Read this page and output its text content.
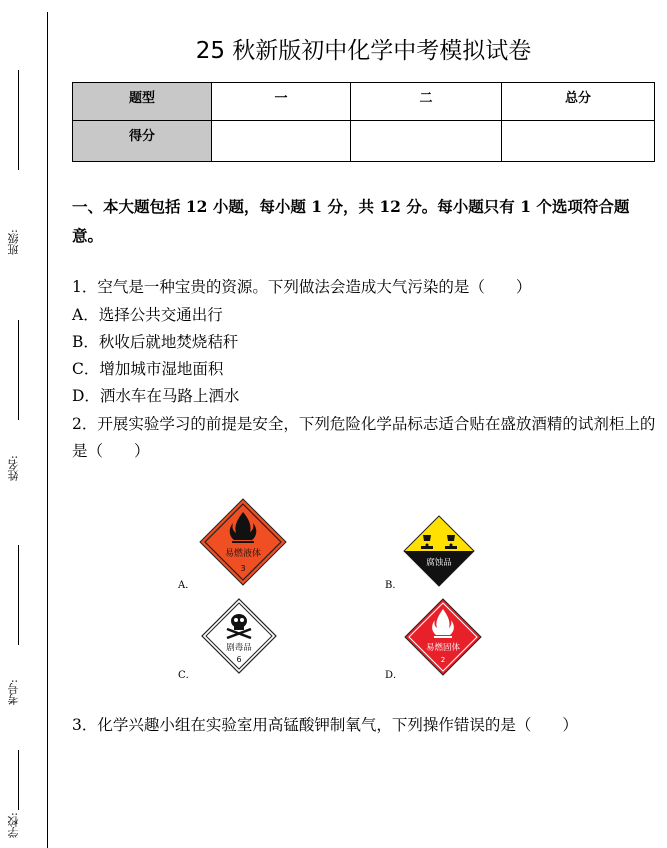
班级:
姓名:
考号:
学校:
25 秋新版初中化学中考模拟试卷
题型	一	二	总分
得分			
一、本大题包括 12 小题，每小题 1 分，共 12 分。每小题只有 1 个选项符合题意。
1．空气是一种宝贵的资源。下列做法会造成大气污染的是（　　）
A．选择公共交通出行
B．秋收后就地焚烧秸秆
C．增加城市湿地面积
D．洒水车在马路上洒水
2．开展实验学习的前提是安全，下列危险化学品标志适合贴在盛放酒精的试剂柜上的是（　　）
A．
易燃液体
3
B．
腐蚀品
C．
剧毒品
6
D．
易燃固体
2
3．化学兴趣小组在实验室用高锰酸钾制氧气，下列操作错误的是（　　）
